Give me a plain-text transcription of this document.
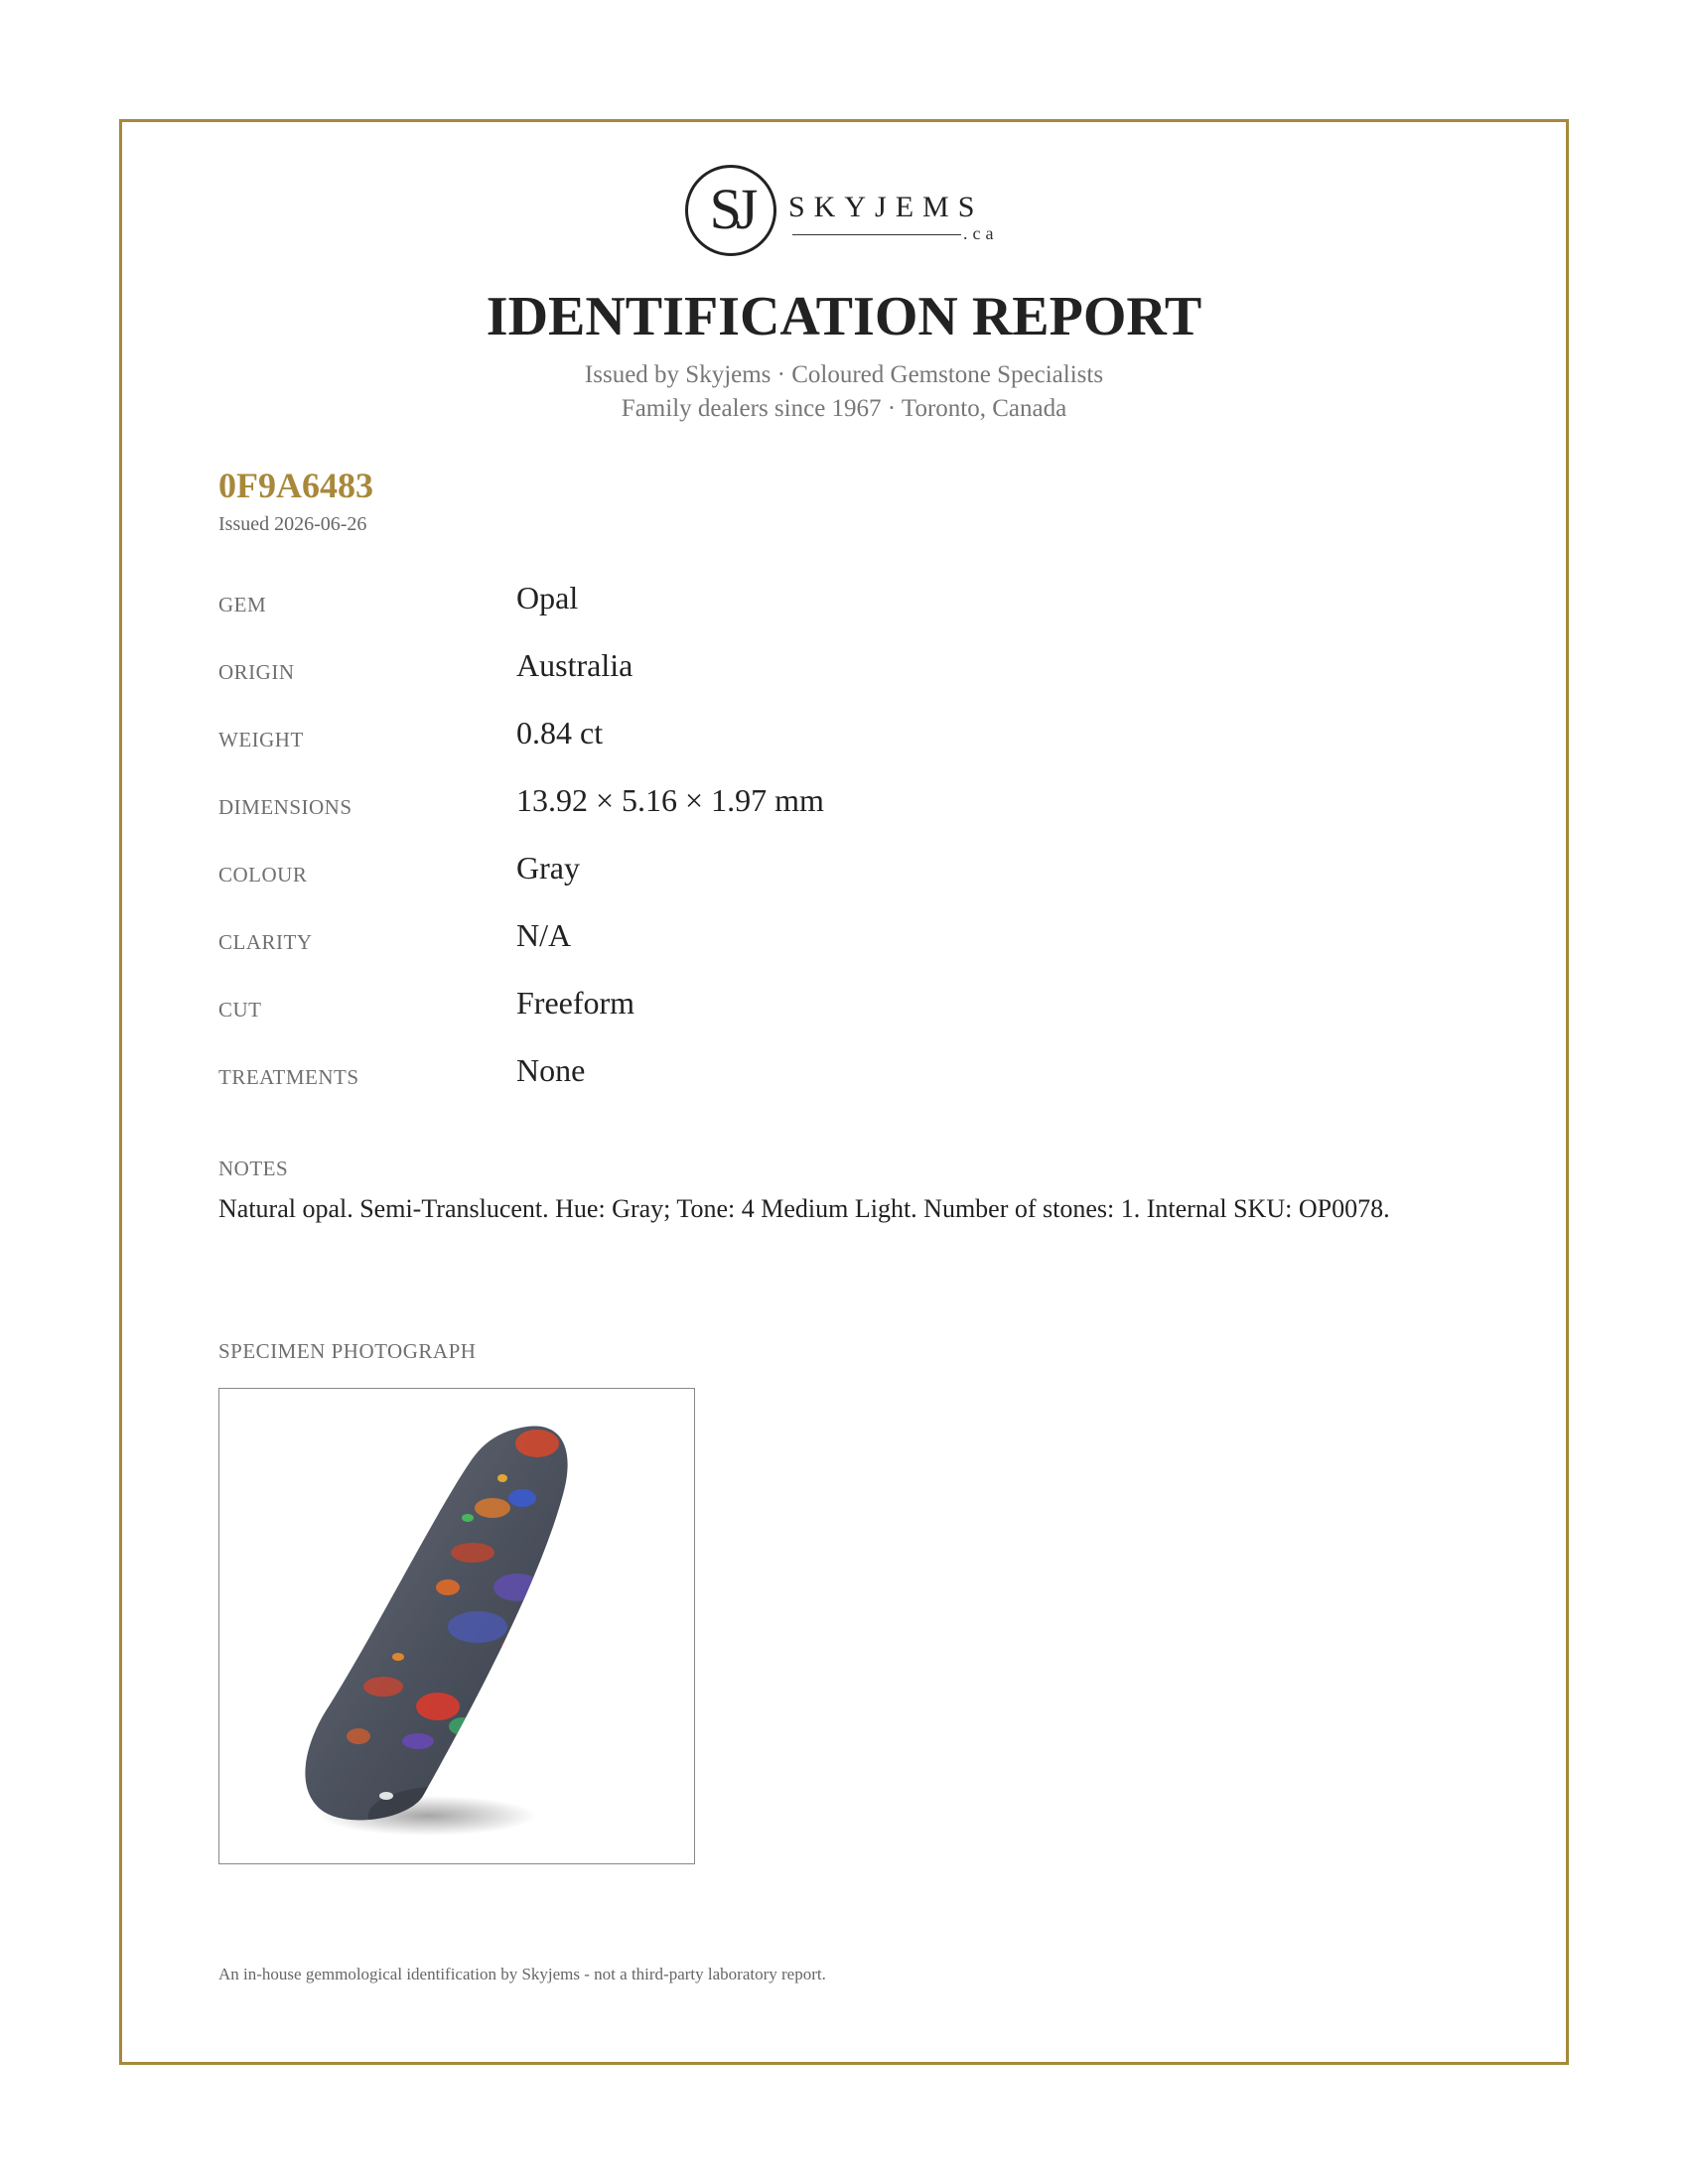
SJ	SKYJEMS
.ca
IDENTIFICATION REPORT
Issued by Skyjems · Coloured Gemstone Specialists
Family dealers since 1967 · Toronto, Canada
0F9A6483
Issued 2026-06-26
GEM	Opal
ORIGIN	Australia
WEIGHT	0.84 ct
DIMENSIONS	13.92 × 5.16 × 1.97 mm
COLOUR	Gray
CLARITY	N/A
CUT	Freeform
TREATMENTS	None
NOTES
Natural opal. Semi-Translucent. Hue: Gray; Tone: 4 Medium Light. Number of stones: 1. Internal SKU: OP0078.
SPECIMEN PHOTOGRAPH
An in-house gemmological identification by Skyjems - not a third-party laboratory report.
